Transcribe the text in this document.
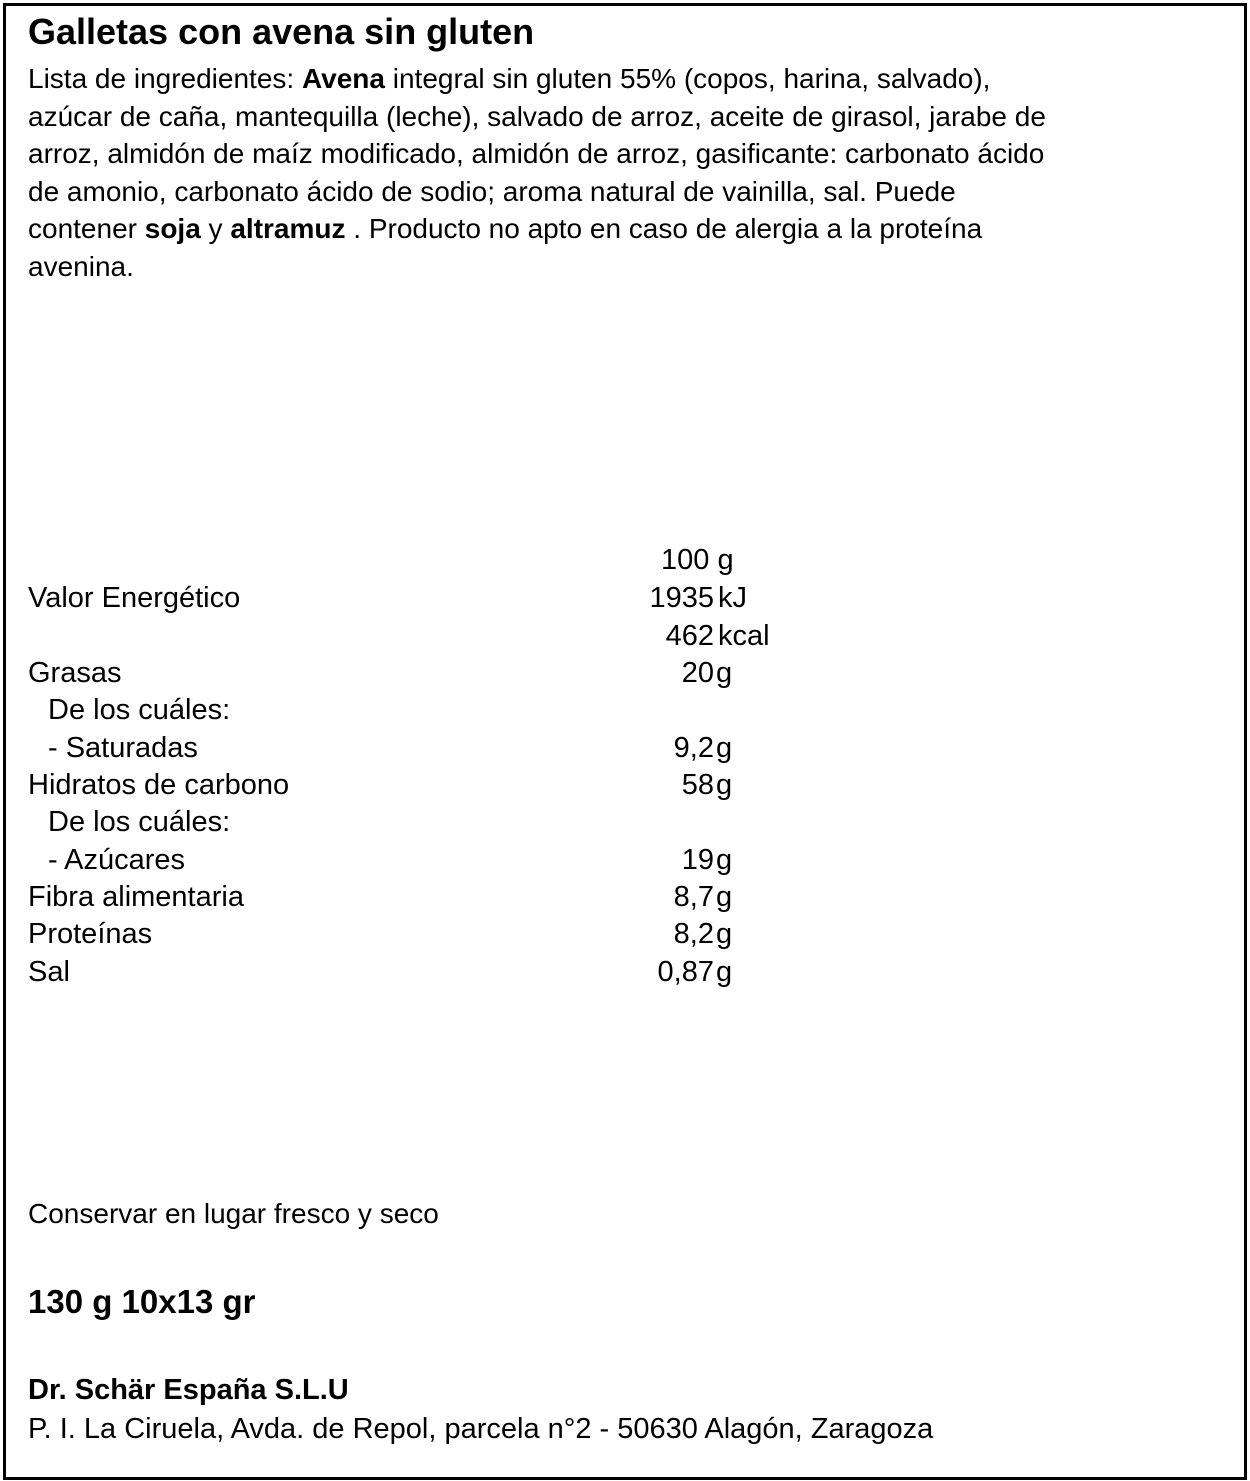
Galletas con avena sin gluten
Lista de ingredientes: Avena integral sin gluten 55% (copos, harina, salvado),
azúcar de caña, mantequilla (leche), salvado de arroz, aceite de girasol, jarabe de
arroz, almidón de maíz modificado, almidón de arroz, gasificante: carbonato ácido
de amonio, carbonato ácido de sodio; aroma natural de vainilla, sal. Puede
contener soja y altramuz . Producto no apto en caso de alergia a la proteína
avenina.
100 g
Valor Energético	1935 kJ
462 kcal
Grasas	20 g
De los cuáles:
- Saturadas	9,2 g
Hidratos de carbono	58 g
De los cuáles:
- Azúcares	19 g
Fibra alimentaria	8,7 g
Proteínas	8,2 g
Sal	0,87 g
Conservar en lugar fresco y seco
130 g 10x13 gr
Dr. Schär España S.L.U
P. I. La Ciruela, Avda. de Repol, parcela n°2 - 50630 Alagón, Zaragoza
